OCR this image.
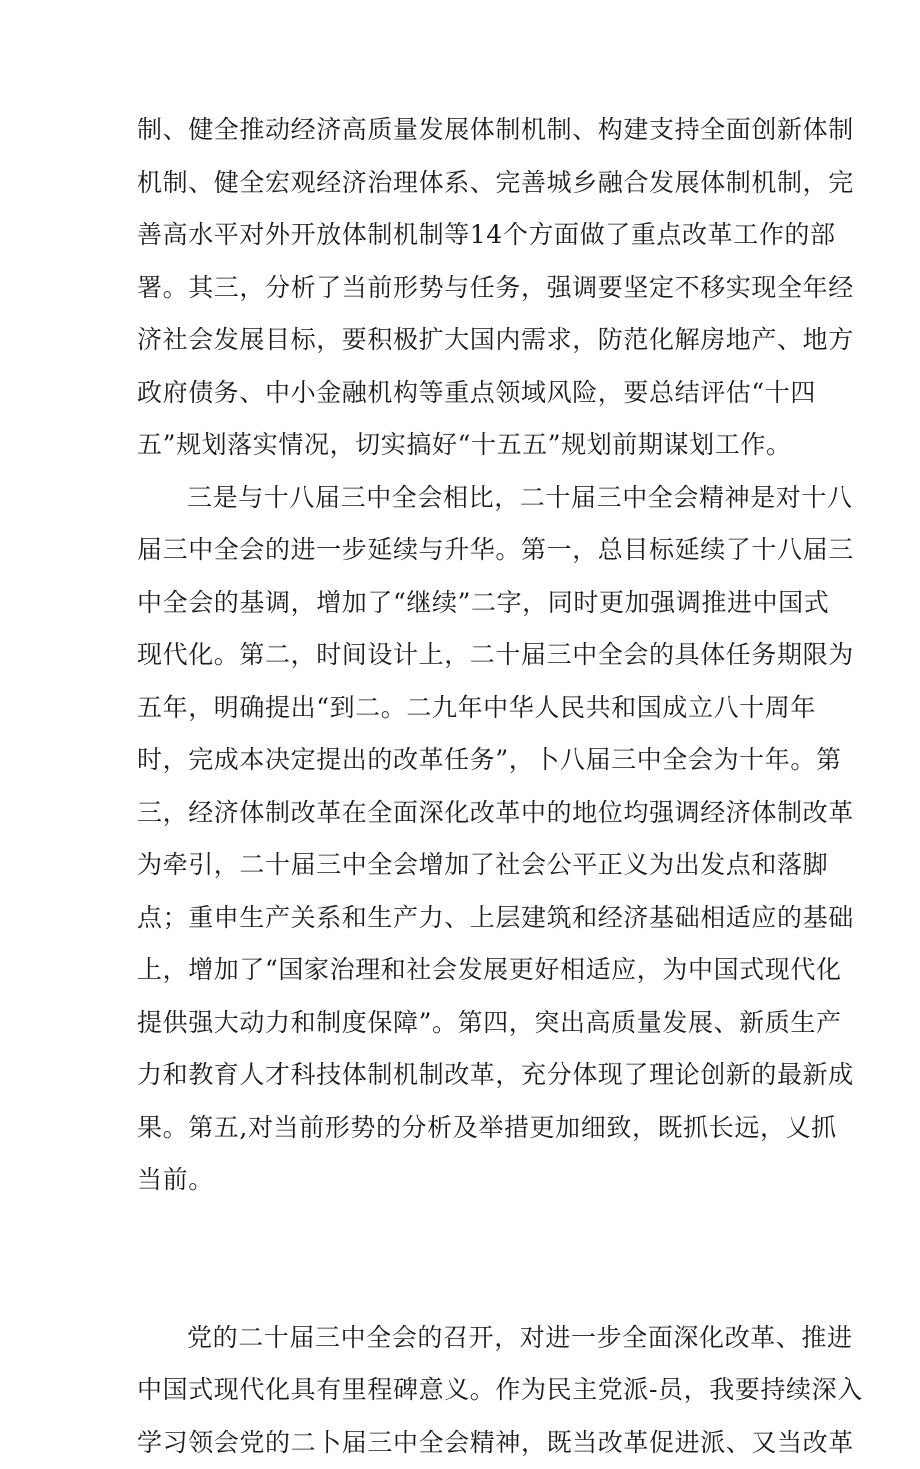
制、健全推动经济高质量发展体制机制、构建支持全面创新体制
机制、健全宏观经济治理体系、完善城乡融合发展体制机制，完
善高水平对外开放体制机制等14个方面做了重点改革工作的部
署。其三，分析了当前形势与任务，强调要坚定不移实现全年经
济社会发展目标，要积极扩大国内需求，防范化解房地产、地方
政府债务、中小金融机构等重点领域风险，要总结评估“十四
五”规划落实情况，切实搞好“十五五”规划前期谋划工作。
三是与十八届三中全会相比，二十届三中全会精神是对十八
届三中全会的进一步延续与升华。第一，总目标延续了十八届三
中全会的基调，增加了“继续”二字，同时更加强调推进中国式
现代化。第二，时间设计上，二十届三中全会的具体任务期限为
五年，明确提出“到二。二九年中华人民共和国成立八十周年
时，完成本决定提出的改革任务”，卜八届三中全会为十年。第
三，经济体制改革在全面深化改革中的地位均强调经济体制改革
为牵引，二十届三中全会增加了社会公平正义为出发点和落脚
点；重申生产关系和生产力、上层建筑和经济基础相适应的基础
上，增加了“国家治理和社会发展更好相适应，为中国式现代化
提供强大动力和制度保障”。第四，突出高质量发展、新质生产
力和教育人才科技体制机制改革，充分体现了理论创新的最新成
果。第五,对当前形势的分析及举措更加细致，既抓长远，乂抓
当前。
党的二十届三中全会的召开，对进一步全面深化改革、推进
中国式现代化具有里程碑意义。作为民主党派-员，我要持续深入
学习领会党的二卜届三中全会精神，既当改革促进派、又当改革
